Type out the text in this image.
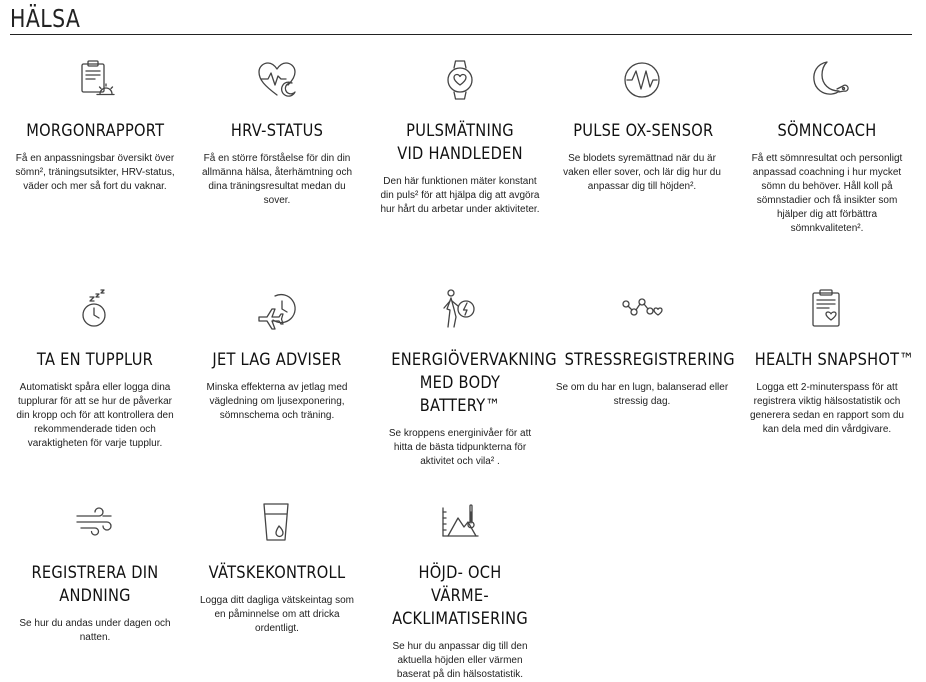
HÄLSA
MORGONRAPPORT

Få en anpassningsbar översikt över sömn², träningsutsikter, HRV-status, väder och mer så fort du vaknar.

HRV-STATUS

Få en större förståelse för din din allmänna hälsa, återhämtning och dina träningsresultat medan du sover.

PULSMÄTNING VID HANDLEDEN

Den här funktionen mäter konstant din puls² för att hjälpa dig att avgöra hur hårt du arbetar under aktiviteter.

PULSE OX-SENSOR

Se blodets syremättnad när du är vaken eller sover, och lär dig hur du anpassar dig till höjden².

SÖMNCOACH

Få ett sömnresultat och personligt anpassad coachning i hur mycket sömn du behöver. Håll koll på sömnstadier och få insikter som hjälper dig att förbättra sömnkvaliteten².

TA EN TUPPLUR

Automatiskt spåra eller logga dina tupplurar för att se hur de påverkar din kropp och för att kontrollera den rekommenderade tiden och varaktigheten för varje tupplur.

JET LAG ADVISER

Minska effekterna av jetlag med vägledning om ljusexponering, sömnschema och träning.

ENERGIÖVERVAKNING MED BODY BATTERY™

Se kroppens energinivåer för att hitta de bästa tidpunkterna för aktivitet och vila² .

STRESSREGISTRERING

Se om du har en lugn, balanserad eller stressig dag.

HEALTH SNAPSHOT™

Logga ett 2-minuterspass för att registrera viktig hälsostatistik och generera sedan en rapport som du kan dela med din vårdgivare.

REGISTRERA DIN ANDNING

Se hur du andas under dagen och natten.

VÄTSKEKONTROLL

Logga ditt dagliga vätskeintag som en påminnelse om att dricka ordentligt.

HÖJD- OCH VÄRME-ACKLIMATISERING

Se hur du anpassar dig till den aktuella höjden eller värmen baserat på din hälsostatistik.
